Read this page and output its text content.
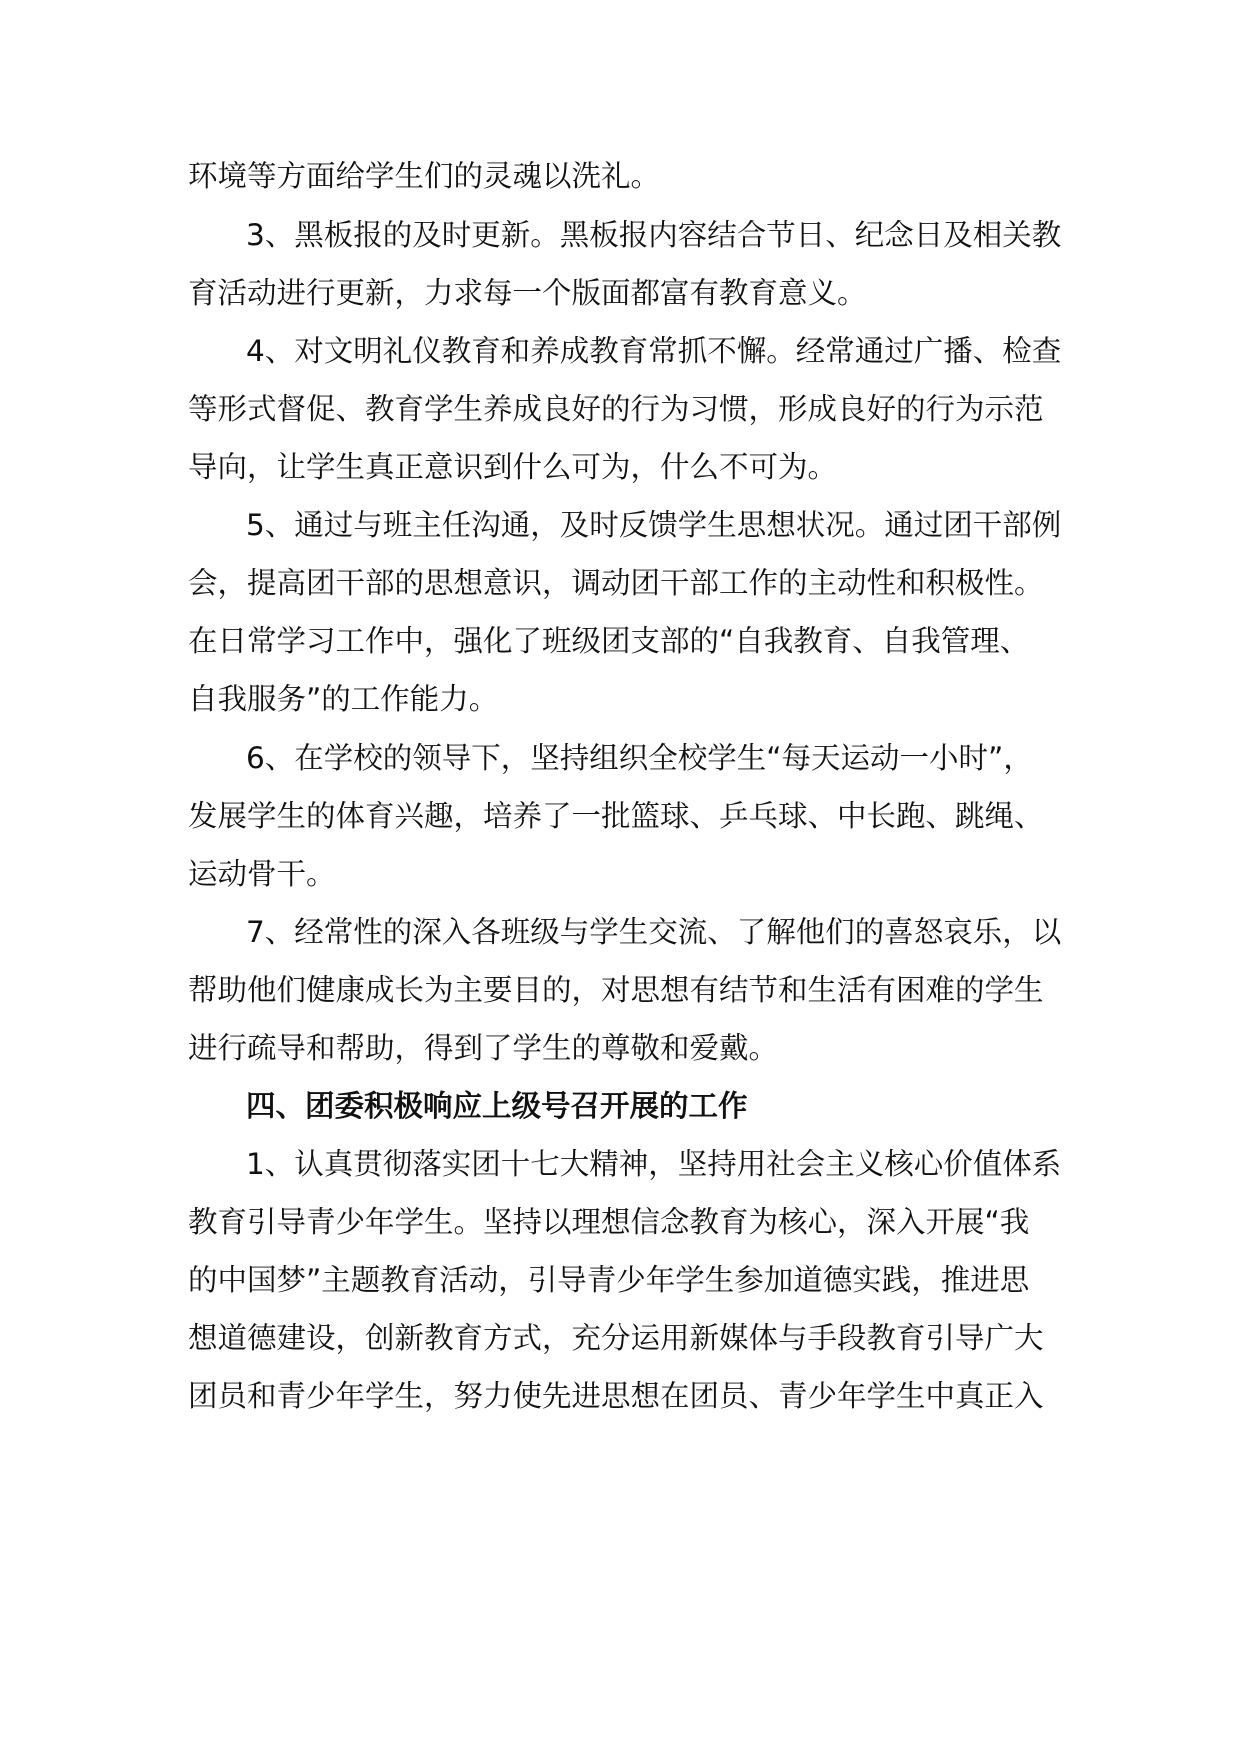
环境等方面给学生们的灵魂以洗礼。
3、黑板报的及时更新。黑板报内容结合节日、纪念日及相关教
育活动进行更新，力求每一个版面都富有教育意义。
4、对文明礼仪教育和养成教育常抓不懈。经常通过广播、检查
等形式督促、教育学生养成良好的行为习惯，形成良好的行为示范
导向，让学生真正意识到什么可为，什么不可为。
5、通过与班主任沟通，及时反馈学生思想状况。通过团干部例
会，提高团干部的思想意识，调动团干部工作的主动性和积极性。
在日常学习工作中，强化了班级团支部的“自我教育、自我管理、
自我服务”的工作能力。
6、在学校的领导下，坚持组织全校学生“每天运动一小时”，
发展学生的体育兴趣，培养了一批篮球、乒乓球、中长跑、跳绳、
运动骨干。
7、经常性的深入各班级与学生交流、了解他们的喜怒哀乐，以
帮助他们健康成长为主要目的，对思想有结节和生活有困难的学生
进行疏导和帮助，得到了学生的尊敬和爱戴。
四、团委积极响应上级号召开展的工作
1、认真贯彻落实团十七大精神，坚持用社会主义核心价值体系
教育引导青少年学生。坚持以理想信念教育为核心，深入开展“我
的中国梦”主题教育活动，引导青少年学生参加道德实践，推进思
想道德建设，创新教育方式，充分运用新媒体与手段教育引导广大
团员和青少年学生，努力使先进思想在团员、青少年学生中真正入
